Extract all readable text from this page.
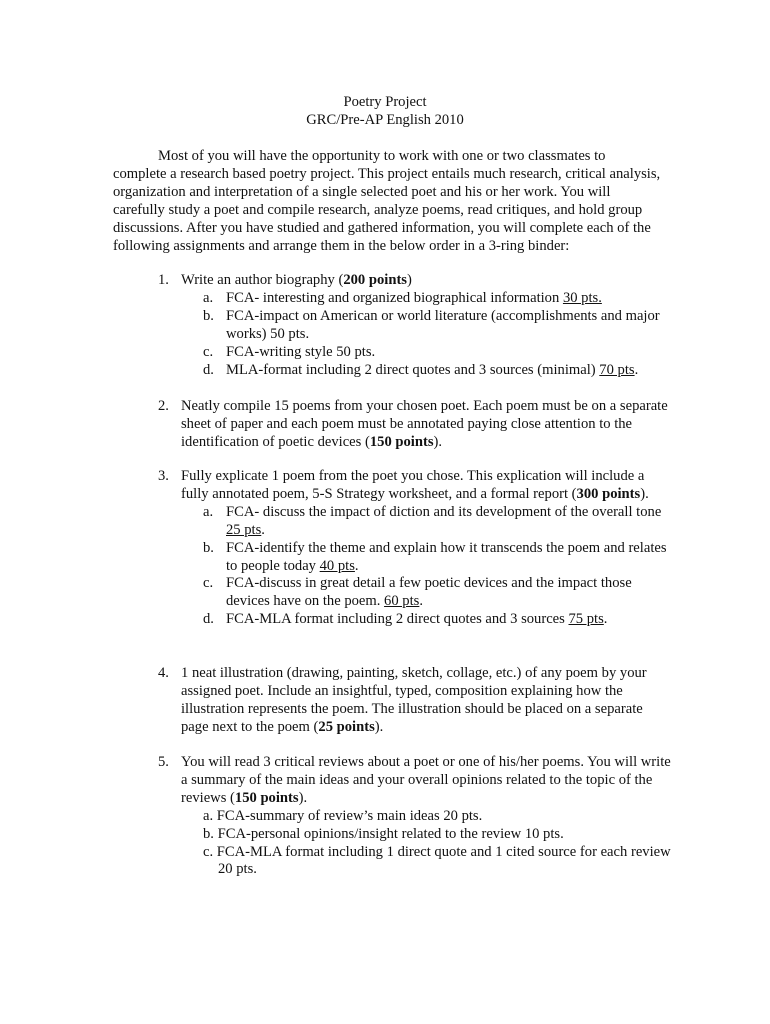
Poetry Project
GRC/Pre-AP English 2010

Most of you will have the opportunity to work with one or two classmates to complete a research based poetry project. This project entails much research, critical analysis, organization and interpretation of a single selected poet and his or her work. You will carefully study a poet and compile research, analyze poems, read critiques, and hold group discussions. After you have studied and gathered information, you will complete each of the following assignments and arrange them in the below order in a 3-ring binder:

1. Write an author biography (200 points)
a. FCA- interesting and organized biographical information 30 pts.
b. FCA-impact on American or world literature (accomplishments and major works) 50 pts.
c. FCA-writing style 50 pts.
d. MLA-format including 2 direct quotes and 3 sources (minimal) 70 pts.
2. Neatly compile 15 poems from your chosen poet. Each poem must be on a separate sheet of paper and each poem must be annotated paying close attention to the identification of poetic devices (150 points).
3. Fully explicate 1 poem from the poet you chose. This explication will include a fully annotated poem, 5-S Strategy worksheet, and a formal report (300 points).
a. FCA- discuss the impact of diction and its development of the overall tone 25 pts.
b. FCA-identify the theme and explain how it transcends the poem and relates to people today 40 pts.
c. FCA-discuss in great detail a few poetic devices and the impact those devices have on the poem. 60 pts.
d. FCA-MLA format including 2 direct quotes and 3 sources 75 pts.
4. 1 neat illustration (drawing, painting, sketch, collage, etc.) of any poem by your assigned poet. Include an insightful, typed, composition explaining how the illustration represents the poem. The illustration should be placed on a separate page next to the poem (25 points).
5. You will read 3 critical reviews about a poet or one of his/her poems. You will write a summary of the main ideas and your overall opinions related to the topic of the reviews (150 points).

a. FCA-summary of review’s main ideas 20 pts.

b. FCA-personal opinions/insight related to the review 10 pts.

c. FCA-MLA format including 1 direct quote and 1 cited source for each review 20 pts.
